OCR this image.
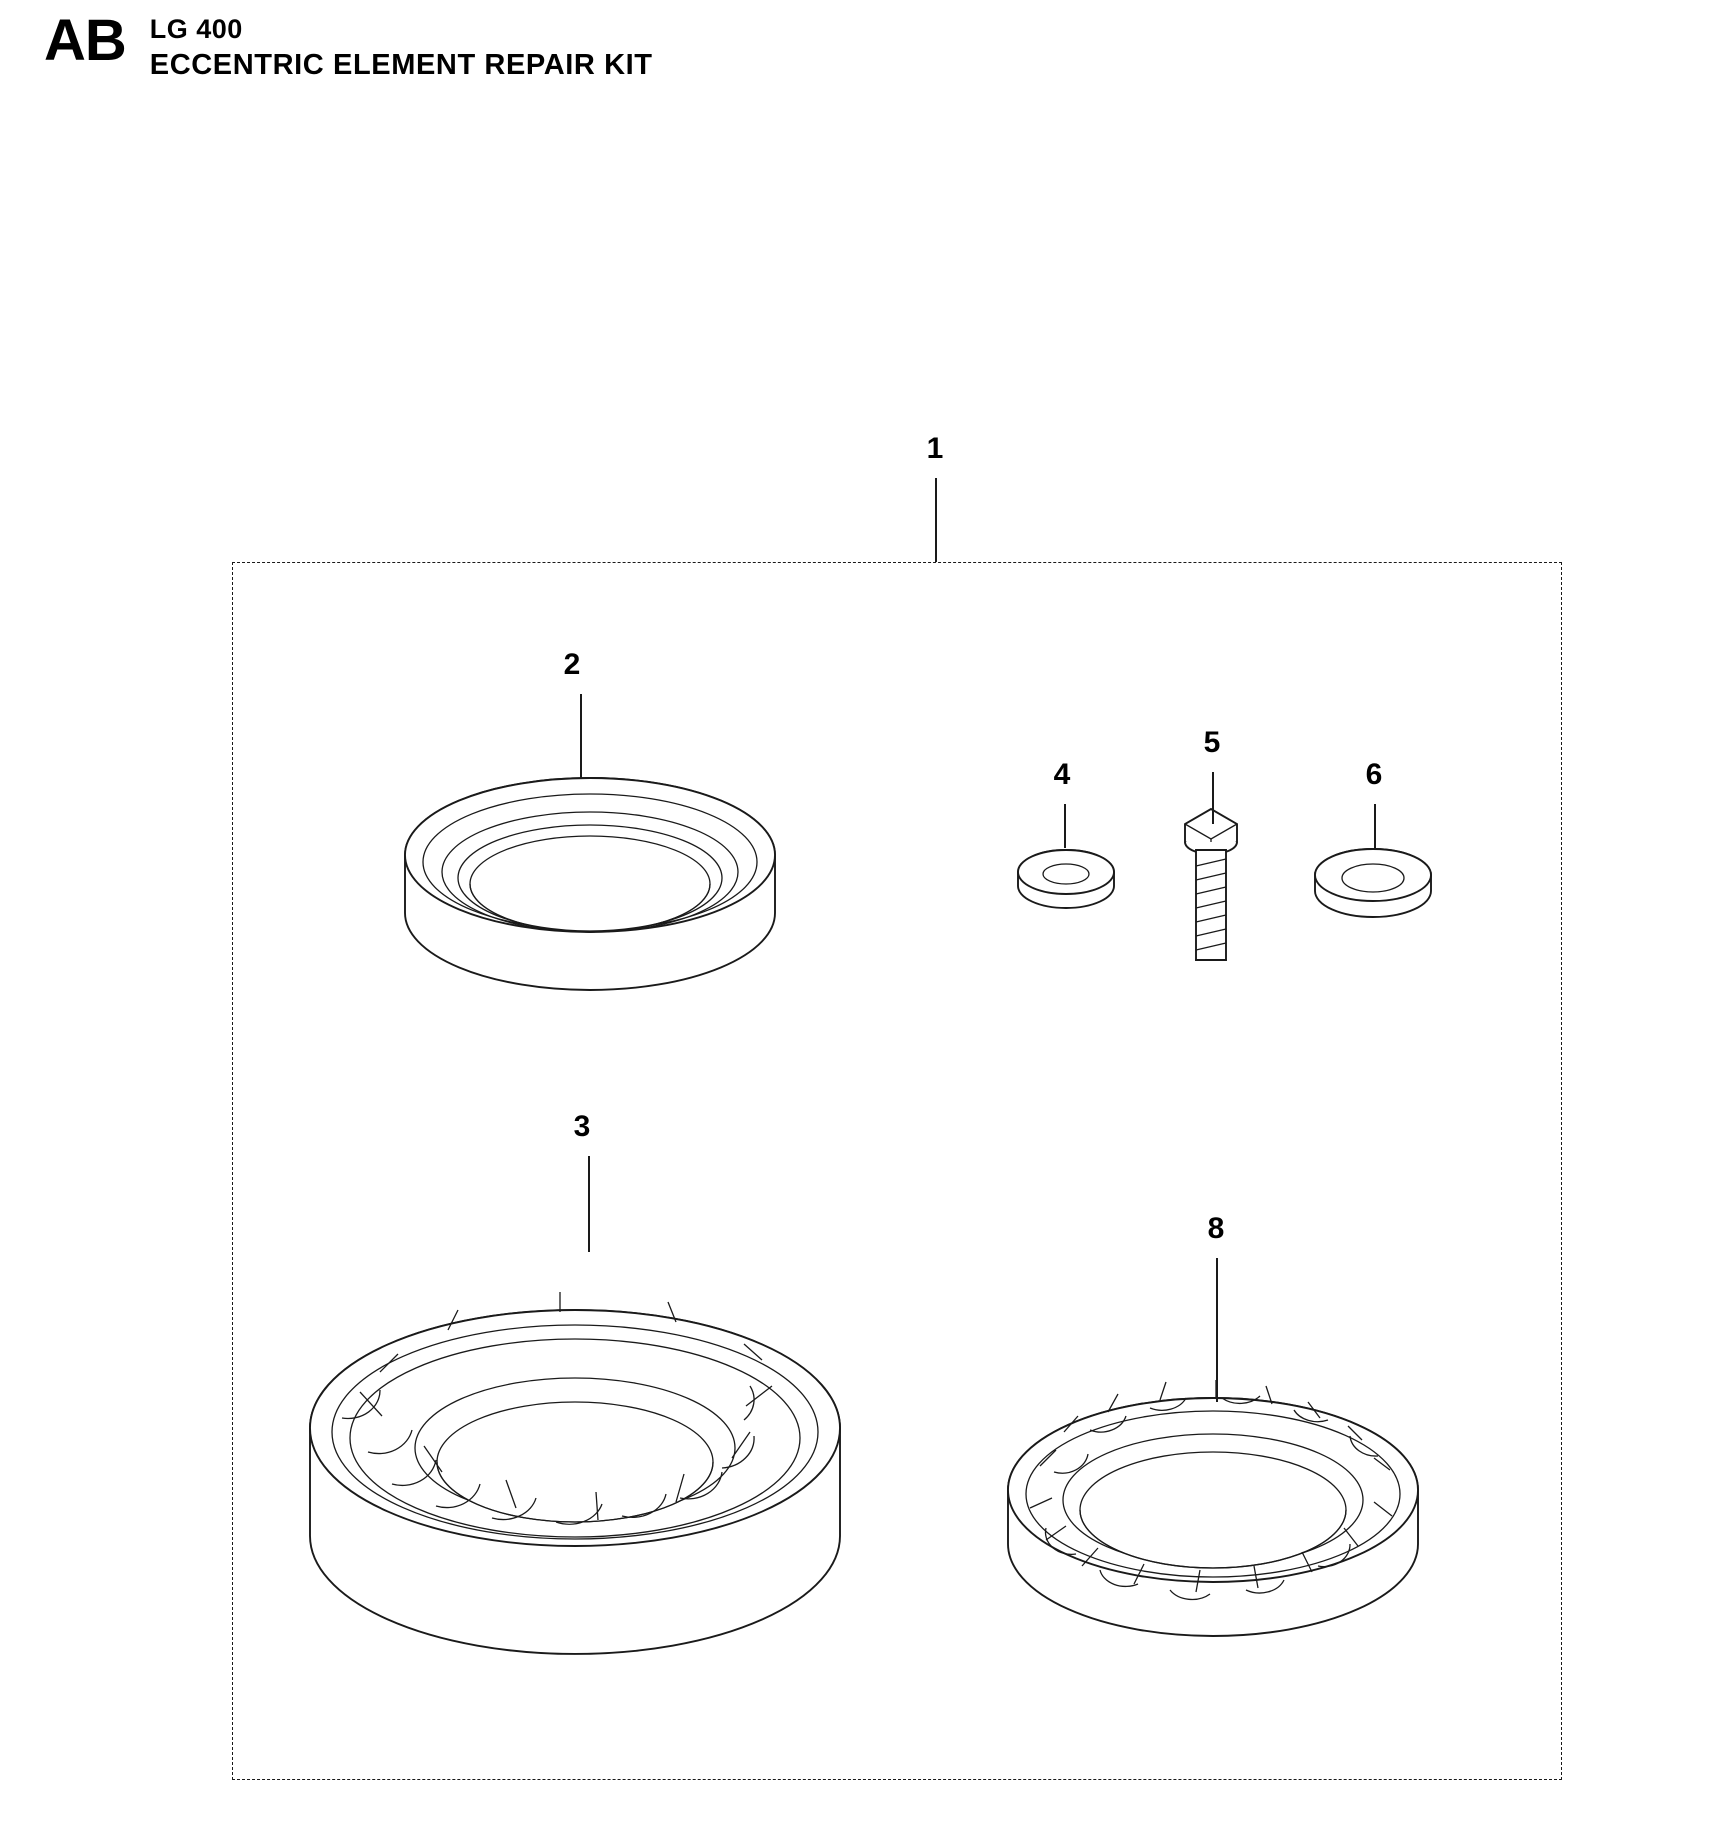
AB LG 400
ECCENTRIC ELEMENT REPAIR KIT
1
2
3
4
5
6
8
